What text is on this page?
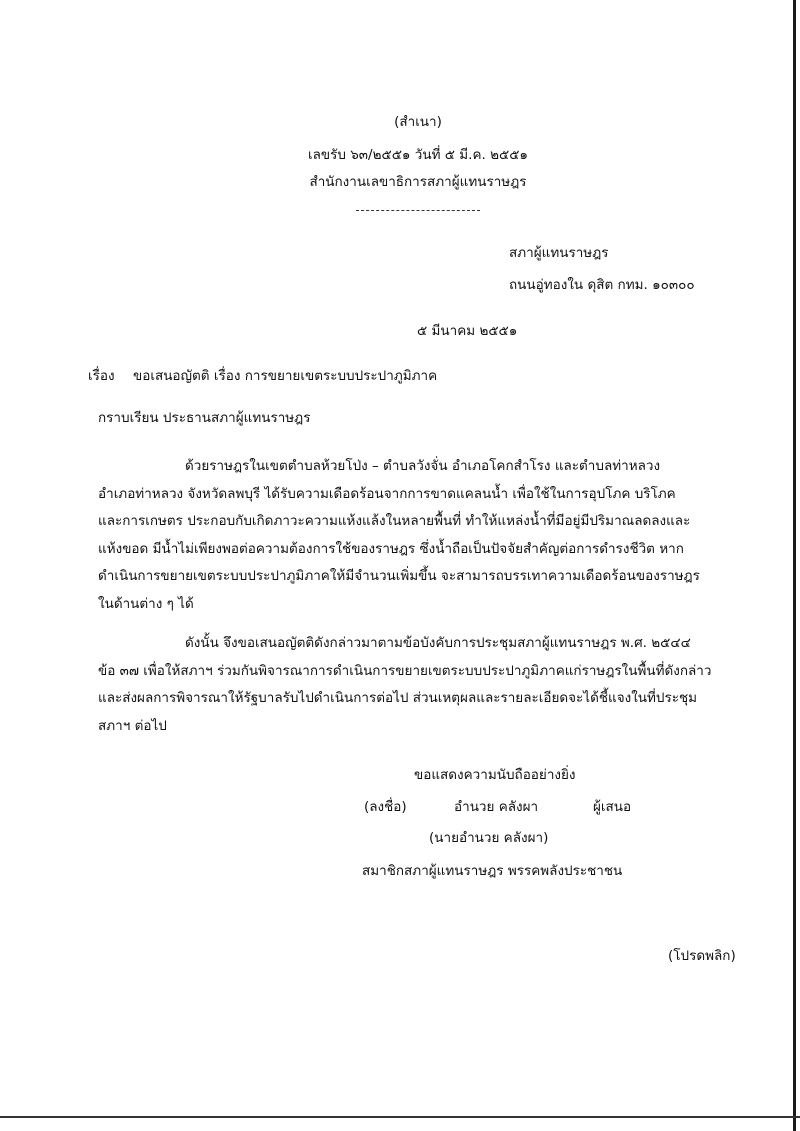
(สำเนา)
เลขรับ ๖๓/๒๕๕๑ วันที่ ๕ มี.ค. ๒๕๕๑
สำนักงานเลขาธิการสภาผู้แทนราษฎร
สภาผู้แทนราษฎร
ถนนอู่ทองใน ดุสิต กทม. ๑๐๓๐๐
๕ มีนาคม ๒๕๕๑
เรื่อง ขอเสนอญัตติ เรื่อง การขยายเขตระบบประปาภูมิภาค
กราบเรียน ประธานสภาผู้แทนราษฎร
ด้วยราษฎรในเขตตำบลห้วยโป่ง – ตำบลวังจั่น อำเภอโคกสำโรง และตำบลท่าหลวง
อำเภอท่าหลวง จังหวัดลพบุรี ได้รับความเดือดร้อนจากการขาดแคลนน้ำ เพื่อใช้ในการอุปโภค บริโภค
และการเกษตร ประกอบกับเกิดภาวะความแห้งแล้งในหลายพื้นที่ ทำให้แหล่งน้ำที่มีอยู่มีปริมาณลดลงและ
แห้งขอด มีน้ำไม่เพียงพอต่อความต้องการใช้ของราษฎร ซึ่งน้ำถือเป็นปัจจัยสำคัญต่อการดำรงชีวิต หาก
ดำเนินการขยายเขตระบบประปาภูมิภาคให้มีจำนวนเพิ่มขึ้น จะสามารถบรรเทาความเดือดร้อนของราษฎร
ในด้านต่าง ๆ ได้
ดังนั้น จึงขอเสนอญัตติดังกล่าวมาตามข้อบังคับการประชุมสภาผู้แทนราษฎร พ.ศ. ๒๕๔๔
ข้อ ๓๗ เพื่อให้สภาฯ ร่วมกันพิจารณาการดำเนินการขยายเขตระบบประปาภูมิภาคแก่ราษฎรในพื้นที่ดังกล่าว
และส่งผลการพิจารณาให้รัฐบาลรับไปดำเนินการต่อไป ส่วนเหตุผลและรายละเอียดจะได้ชี้แจงในที่ประชุม
สภาฯ ต่อไป
ขอแสดงความนับถืออย่างยิ่ง
(ลงชื่อ)	อำนวย คลังผา	ผู้เสนอ
(นายอำนวย คลังผา)
สมาชิกสภาผู้แทนราษฎร พรรคพลังประชาชน
(โปรดพลิก)
